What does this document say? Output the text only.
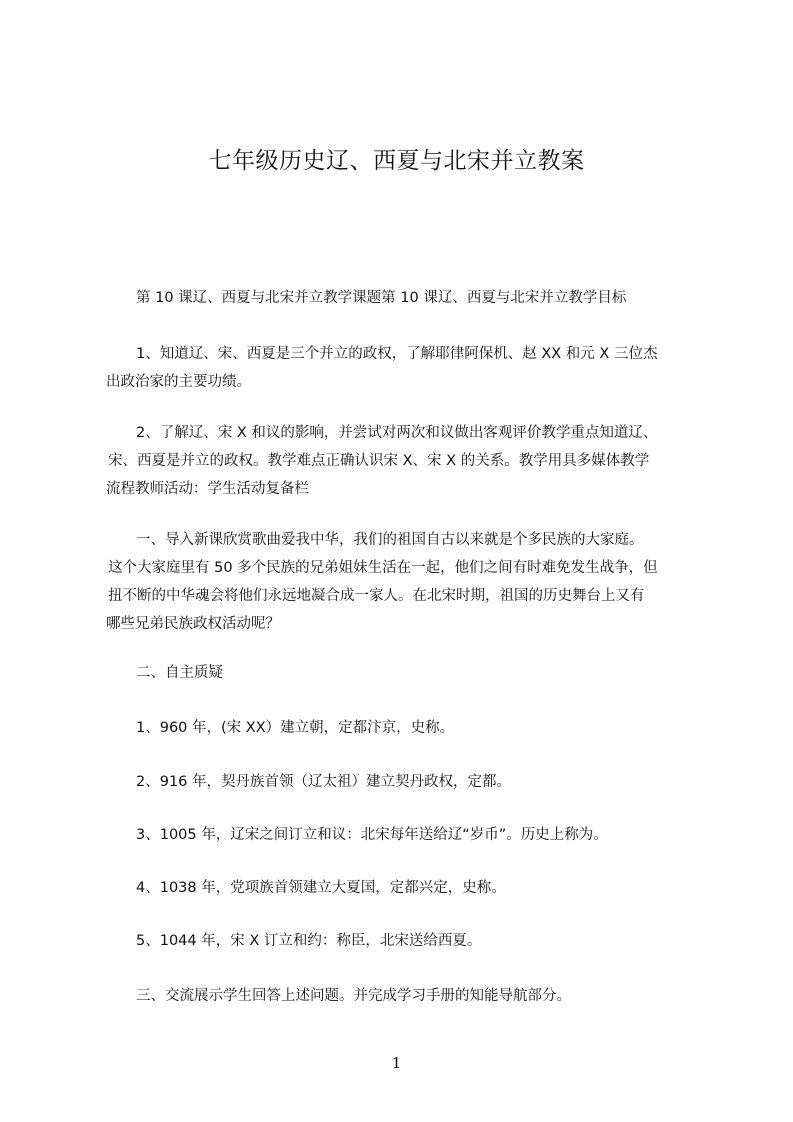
七年级历史辽、西夏与北宋并立教案
第 10 课辽、西夏与北宋并立教学课题第 10 课辽、西夏与北宋并立教学目标
1、知道辽、宋、西夏是三个并立的政权，了解耶律阿保机、赵 XX 和元 X 三位杰
出政治家的主要功绩。
2、了解辽、宋 X 和议的影响，并尝试对两次和议做出客观评价教学重点知道辽、
宋、西夏是并立的政权。教学难点正确认识宋 X、宋 X 的关系。教学用具多媒体教学
流程教师活动：学生活动复备栏
一、导入新课欣赏歌曲爱我中华，我们的祖国自古以来就是个多民族的大家庭。
这个大家庭里有 50 多个民族的兄弟姐妹生活在一起，他们之间有时难免发生战争，但
扭不断的中华魂会将他们永远地凝合成一家人。在北宋时期，祖国的历史舞台上又有
哪些兄弟民族政权活动呢？
二、自主质疑
1、960 年，(宋 XX）建立朝，定都汴京，史称。
2、916 年，契丹族首领（辽太祖）建立契丹政权，定都。
3、1005 年，辽宋之间订立和议：北宋每年送给辽“岁币”。历史上称为。
4、1038 年，党项族首领建立大夏国，定都兴定，史称。
5、1044 年，宋 X 订立和约：称臣，北宋送给西夏。
三、交流展示学生回答上述问题。并完成学习手册的知能导航部分。
1
